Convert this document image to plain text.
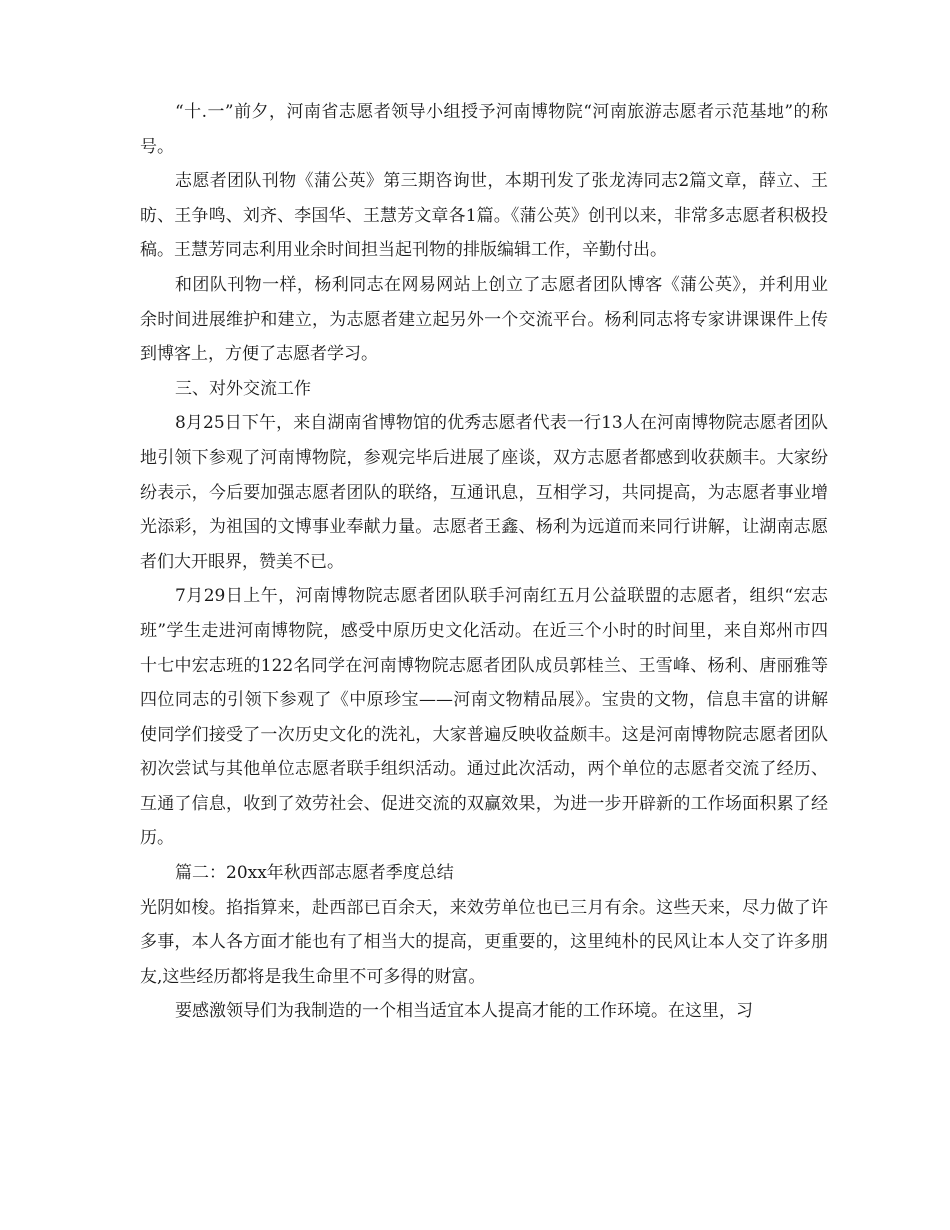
“十.一”前夕，河南省志愿者领导小组授予河南博物院“河南旅游志愿者示范基地”的称号。

志愿者团队刊物《蒲公英》第三期咨询世，本期刊发了张龙涛同志2篇文章，薛立、王昉、王争鸣、刘齐、李国华、王慧芳文章各1篇。《蒲公英》创刊以来，非常多志愿者积极投稿。王慧芳同志利用业余时间担当起刊物的排版编辑工作，辛勤付出。

和团队刊物一样，杨利同志在网易网站上创立了志愿者团队博客《蒲公英》，并利用业余时间进展维护和建立，为志愿者建立起另外一个交流平台。杨利同志将专家讲课课件上传到博客上，方便了志愿者学习。

三、对外交流工作

8月25日下午，来自湖南省博物馆的优秀志愿者代表一行13人在河南博物院志愿者团队地引领下参观了河南博物院，参观完毕后进展了座谈，双方志愿者都感到收获颇丰。大家纷纷表示，今后要加强志愿者团队的联络，互通讯息，互相学习，共同提高，为志愿者事业增光添彩，为祖国的文博事业奉献力量。志愿者王鑫、杨利为远道而来同行讲解，让湖南志愿者们大开眼界，赞美不已。

7月29日上午，河南博物院志愿者团队联手河南红五月公益联盟的志愿者，组织“宏志班”学生走进河南博物院，感受中原历史文化活动。在近三个小时的时间里，来自郑州市四十七中宏志班的122名同学在河南博物院志愿者团队成员郭桂兰、王雪峰、杨利、唐丽雅等四位同志的引领下参观了《中原珍宝——河南文物精品展》。宝贵的文物，信息丰富的讲解使同学们接受了一次历史文化的洗礼，大家普遍反映收益颇丰。这是河南博物院志愿者团队初次尝试与其他单位志愿者联手组织活动。通过此次活动，两个单位的志愿者交流了经历、互通了信息，收到了效劳社会、促进交流的双赢效果，为进一步开辟新的工作场面积累了经历。

篇二：20xx年秋西部志愿者季度总结

光阴如梭。掐指算来，赴西部已百余天，来效劳单位也已三月有余。这些天来，尽力做了许多事，本人各方面才能也有了相当大的提高，更重要的，这里纯朴的民风让本人交了许多朋友,这些经历都将是我生命里不可多得的财富。

要感激领导们为我制造的一个相当适宜本人提高才能的工作环境。在这里，习
